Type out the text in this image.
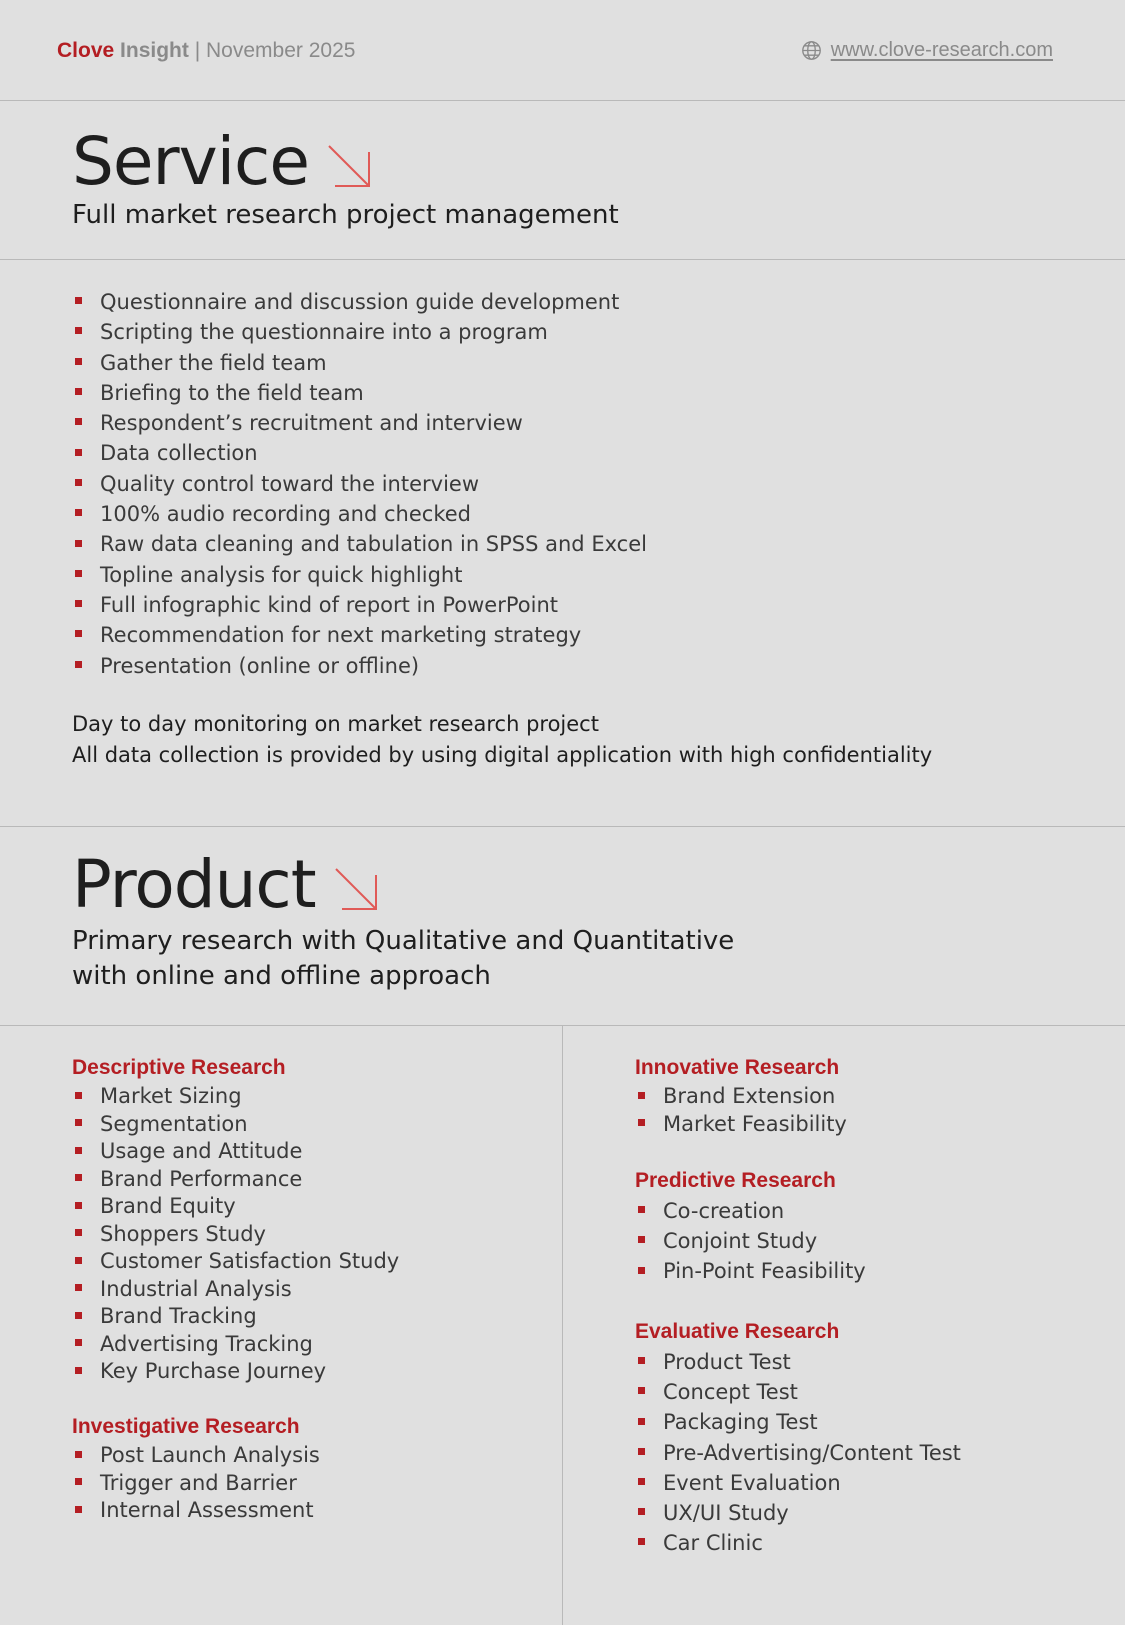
Clove Insight | November 2025	www.clove-research.com
Service
Full market research project management
Questionnaire and discussion guide development
Scripting the questionnaire into a program
Gather the field team
Briefing to the field team
Respondent’s recruitment and interview
Data collection
Quality control toward the interview
100% audio recording and checked
Raw data cleaning and tabulation in SPSS and Excel
Topline analysis for quick highlight
Full infographic kind of report in PowerPoint
Recommendation for next marketing strategy
Presentation (online or offline)
Day to day monitoring on market research project
All data collection is provided by using digital application with high confidentiality
Product
Primary research with Qualitative and Quantitative
with online and offline approach
Descriptive Research
Market Sizing
Segmentation
Usage and Attitude
Brand Performance
Brand Equity
Shoppers Study
Customer Satisfaction Study
Industrial Analysis
Brand Tracking
Advertising Tracking
Key Purchase Journey
Investigative Research
Post Launch Analysis
Trigger and Barrier
Internal Assessment
Innovative Research
Brand Extension
Market Feasibility
Predictive Research
Co-creation
Conjoint Study
Pin-Point Feasibility
Evaluative Research
Product Test
Concept Test
Packaging Test
Pre-Advertising/Content Test
Event Evaluation
UX/UI Study
Car Clinic
